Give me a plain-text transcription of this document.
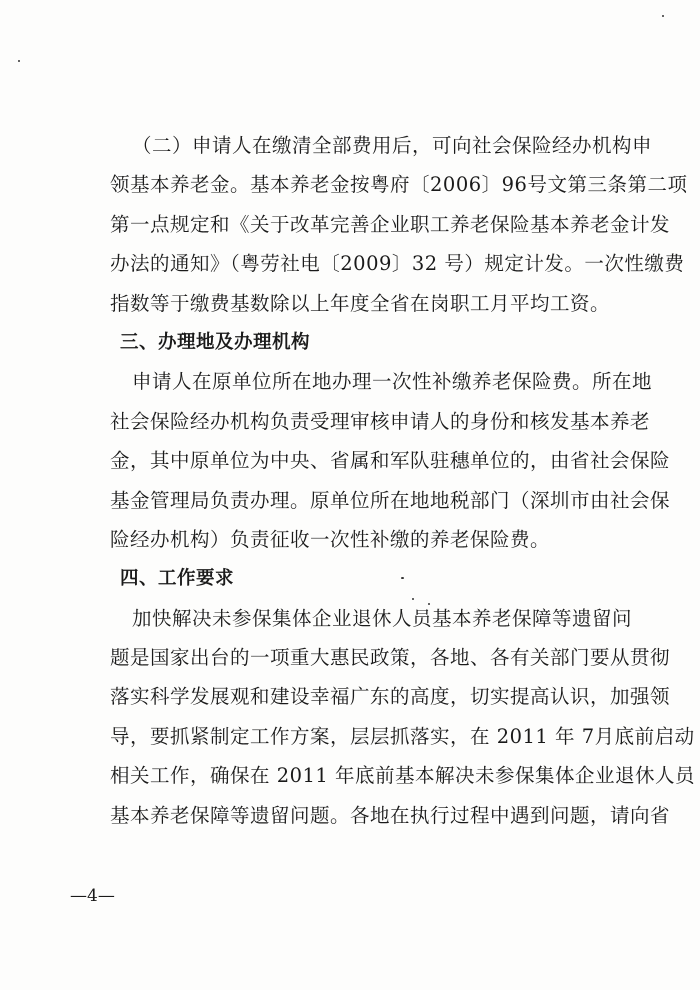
（二）申请人在缴清全部费用后，可向社会保险经办机构申
领基本养老金。基本养老金按粤府〔2006〕96号文第三条第二项
第一点规定和《关于改革完善企业职工养老保险基本养老金计发
办法的通知》（粤劳社电〔2009〕32 号）规定计发。一次性缴费
指数等于缴费基数除以上年度全省在岗职工月平均工资。
三、办理地及办理机构
申请人在原单位所在地办理一次性补缴养老保险费。所在地
社会保险经办机构负责受理审核申请人的身份和核发基本养老
金，其中原单位为中央、省属和军队驻穗单位的，由省社会保险
基金管理局负责办理。原单位所在地地税部门（深圳市由社会保
险经办机构）负责征收一次性补缴的养老保险费。
四、工作要求
加快解决未参保集体企业退休人员基本养老保障等遗留问
题是国家出台的一项重大惠民政策，各地、各有关部门要从贯彻
落实科学发展观和建设幸福广东的高度，切实提高认识，加强领
导，要抓紧制定工作方案，层层抓落实，在 2011 年 7月底前启动
相关工作，确保在 2011 年底前基本解决未参保集体企业退休人员
基本养老保障等遗留问题。各地在执行过程中遇到问题，请向省
—4—
